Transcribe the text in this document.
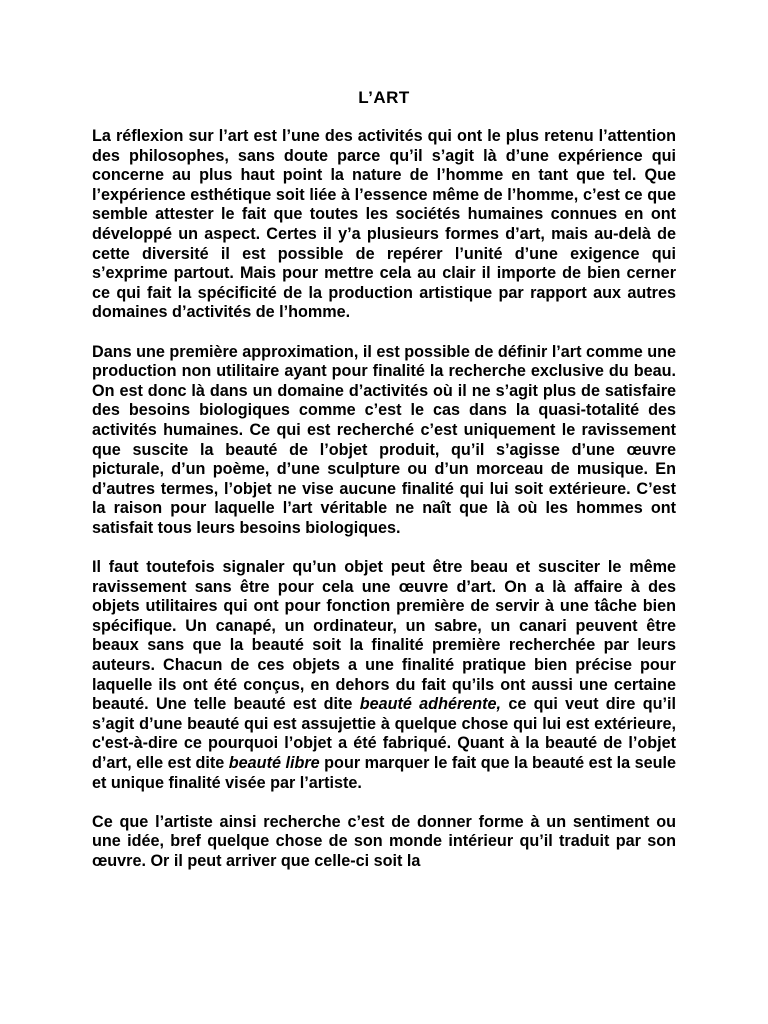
L’ART

La réflexion sur l’art est l’une des activités qui ont le plus retenu l’attention des philosophes, sans doute parce qu’il s’agit là d’une expérience qui concerne au plus haut point la nature de l’homme en tant que tel. Que l’expérience esthétique soit liée à l’essence même de l’homme, c’est ce que semble attester le fait que toutes les sociétés humaines connues en ont développé un aspect. Certes il y’a plusieurs formes d’art, mais au-delà de cette diversité il est possible de repérer l’unité d’une exigence qui s’exprime partout. Mais pour mettre cela au clair il importe de bien cerner ce qui fait la spécificité de la production artistique par rapport aux autres domaines d’activités de l’homme.

Dans une première approximation, il est possible de définir l’art comme une production non utilitaire ayant pour finalité la recherche exclusive du beau. On est donc là dans un domaine d’activités où il ne s’agit plus de satisfaire des besoins biologiques comme c’est le cas dans la quasi-totalité des activités humaines. Ce qui est recherché c’est uniquement le ravissement que suscite la beauté de l’objet produit, qu’il s’agisse d’une œuvre picturale, d’un poème, d’une sculpture ou d’un morceau de musique. En d’autres termes, l’objet ne vise aucune finalité qui lui soit extérieure. C’est la raison pour laquelle l’art véritable ne naît que là où les hommes ont satisfait tous leurs besoins biologiques.

Il faut toutefois signaler qu’un objet peut être beau et susciter le même ravissement sans être pour cela une œuvre d’art. On a là affaire à des objets utilitaires qui ont pour fonction première de servir à une tâche bien spécifique. Un canapé, un ordinateur, un sabre, un canari peuvent être beaux sans que la beauté soit la finalité première recherchée par leurs auteurs. Chacun de ces objets a une finalité pratique bien précise pour laquelle ils ont été conçus, en dehors du fait qu’ils ont aussi une certaine beauté. Une telle beauté est dite beauté adhérente, ce qui veut dire qu’il s’agit d’une beauté qui est assujettie à quelque chose qui lui est extérieure, c'est-à-dire ce pourquoi l’objet a été fabriqué. Quant à la beauté de l’objet d’art, elle est dite beauté libre pour marquer le fait que la beauté est la seule et unique finalité visée par l’artiste.

Ce que l’artiste ainsi recherche c’est de donner forme à un sentiment ou une idée, bref quelque chose de son monde intérieur qu’il traduit par son œuvre. Or il peut arriver que celle-ci soit la
